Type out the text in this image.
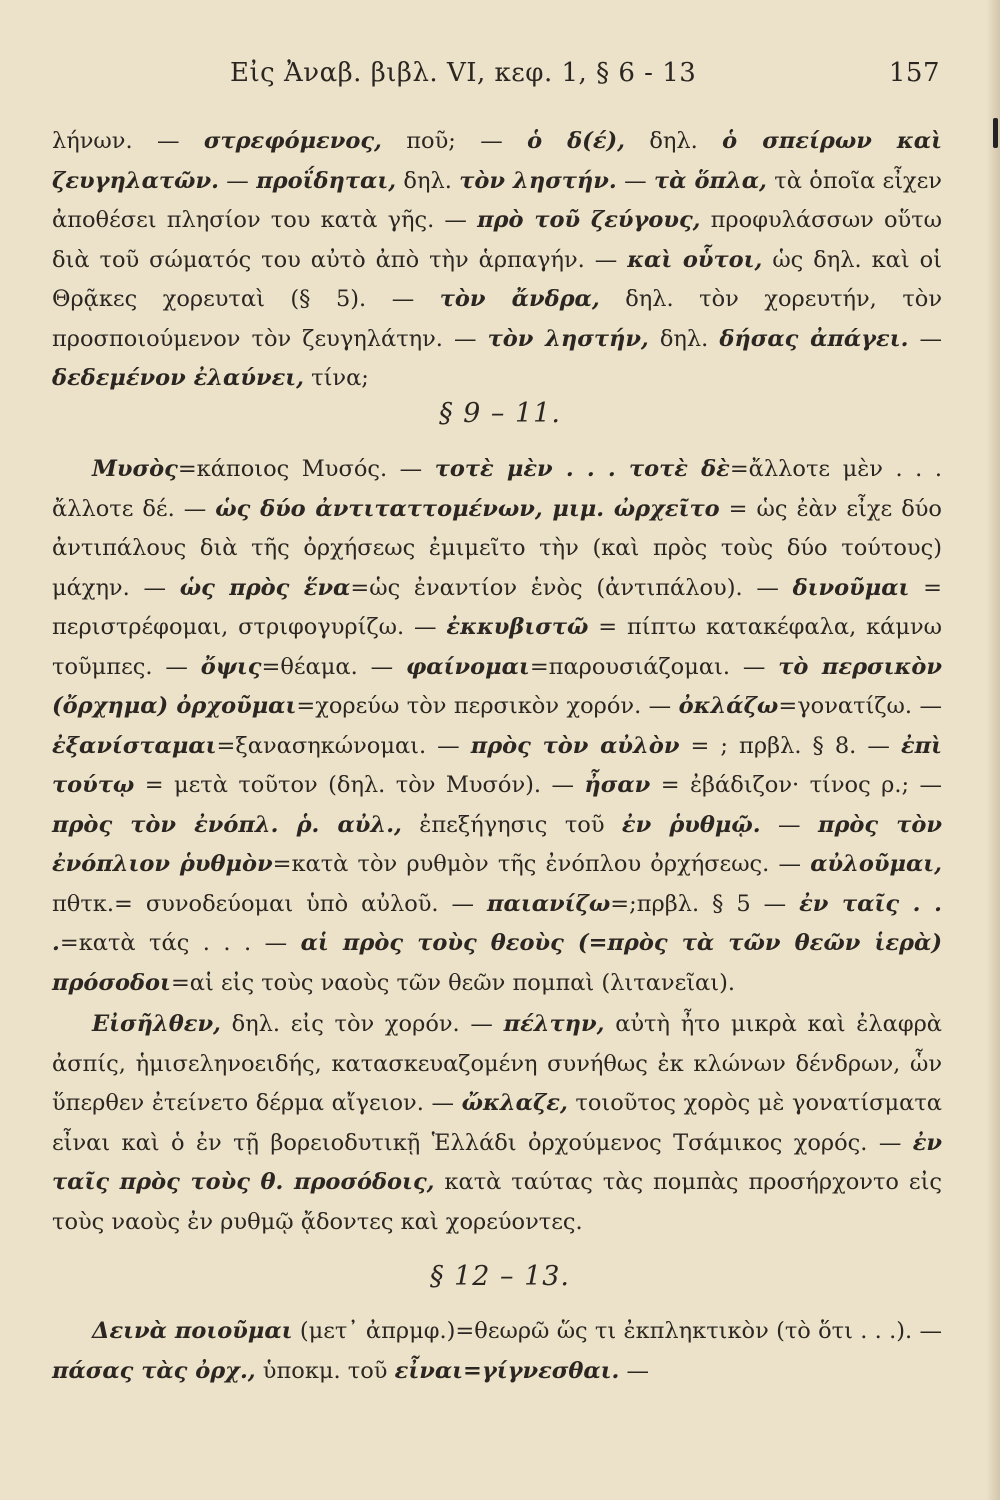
Εἰς Ἀναβ. βιβλ. VI, κεφ. 1, § 6 - 13	157
λήνων. — στρεφόμενος, ποῦ; — ὁ δ(έ), δηλ. ὁ σπείρων καὶ ζευγηλατῶν. — προΐδηται, δηλ. τὸν ληστήν. — τὰ ὅπλα, τὰ ὁποῖα εἶχεν ἀποθέσει πλησίον του κατὰ γῆς. — πρὸ τοῦ ζεύγους, προφυλάσσων οὕτω διὰ τοῦ σώματός του αὐτὸ ἀπὸ τὴν ἁρπαγήν. — καὶ οὗτοι, ὡς δηλ. καὶ οἱ Θρᾷκες χορευταὶ (§ 5). — τὸν ἄνδρα, δηλ. τὸν χορευτήν, τὸν προσποιούμενον τὸν ζευγηλάτην. — τὸν ληστήν, δηλ. δήσας ἀπάγει. — δεδεμένον ἐλαύνει, τίνα;
§ 9 – 11.
Μυσὸς=κάποιος Μυσός. — τοτὲ μὲν . . . τοτὲ δὲ=ἄλλοτε μὲν . . . ἄλλοτε δέ. — ὡς δύο ἀντιταττομένων, μιμ. ὠρχεῖτο = ὡς ἐὰν εἶχε δύο ἀντιπάλους διὰ τῆς ὀρχήσεως ἐμιμεῖτο τὴν (καὶ πρὸς τοὺς δύο τούτους) μάχην. — ὡς πρὸς ἕνα=ὡς ἐναντίον ἑνὸς (ἀντιπάλου). — δινοῦμαι = περιστρέφομαι, στριφογυρίζω. — ἐκκυβιστῶ = πίπτω κατακέφαλα, κάμνω τοῦμπες. — ὄψις=θέαμα. — φαίνομαι=παρουσιάζομαι. — τὸ περσικὸν (ὄρχημα) ὀρχοῦμαι=χορεύω τὸν περσικὸν χορόν. — ὀκλάζω=γονατίζω. — ἐξανίσταμαι=ξανασηκώνομαι. — πρὸς τὸν αὐλὸν = ; πρβλ. § 8. — ἐπὶ τούτῳ = μετὰ τοῦτον (δηλ. τὸν Μυσόν). — ἦσαν = ἐβάδιζον· τίνος ρ.; — πρὸς τὸν ἐνόπλ. ῥ. αὐλ., ἐπεξήγησις τοῦ ἐν ῥυθμῷ. — πρὸς τὸν ἐνόπλιον ῥυθμὸν=κατὰ τὸν ρυθμὸν τῆς ἐνόπλου ὀρχήσεως. — αὐλοῦμαι, πθτκ.= συνοδεύομαι ὑπὸ αὐλοῦ. — παιανίζω=;πρβλ. § 5 — ἐν ταῖς . . .=κατὰ τάς . . . — αἱ πρὸς τοὺς θεοὺς (=πρὸς τὰ τῶν θεῶν ἱερὰ) πρόσοδοι=αἱ εἰς τοὺς ναοὺς τῶν θεῶν πομπαὶ (λιτανεῖαι).
Εἰσῆλθεν, δηλ. εἰς τὸν χορόν. — πέλτην, αὐτὴ ἦτο μικρὰ καὶ ἐλαφρὰ ἀσπίς, ἡμισεληνοειδής, κατασκευαζομένη συνήθως ἐκ κλώνων δένδρων, ὧν ὕπερθεν ἐτείνετο δέρμα αἴγειον. — ὤκλαζε, τοιοῦτος χορὸς μὲ γονατίσματα εἶναι καὶ ὁ ἐν τῇ βορειοδυτικῇ Ἑλλάδι ὀρχούμενος Τσάμικος χορός. — ἐν ταῖς πρὸς τοὺς θ. προσόδοις, κατὰ ταύτας τὰς πομπὰς προσήρχοντο εἰς τοὺς ναοὺς ἐν ρυθμῷ ᾄδοντες καὶ χορεύοντες.
§ 12 – 13.
Δεινὰ ποιοῦμαι (μετ᾽ ἀπρμφ.)=θεωρῶ ὥς τι ἐκπληκτικὸν (τὸ ὅτι . . .). — πάσας τὰς ὀρχ., ὑποκμ. τοῦ εἶναι=γίγνεσθαι. —
